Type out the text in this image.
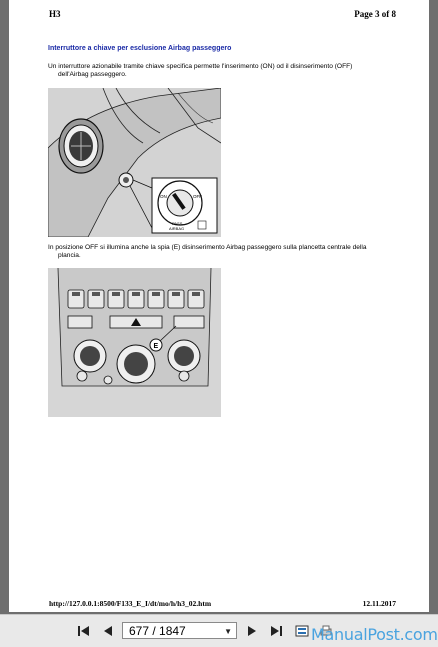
H3	Page 3 of 8
Interruttore a chiave per esclusione Airbag passeggero
Un interruttore azionabile tramite chiave specifica permette l'inserimento (ON) od il disinserimento (OFF)
dell'Airbag passeggero.
ON	OFF
PASS
AIRBAG
In posizione OFF si illumina anche la spia (E) disinserimento Airbag passeggero sulla plancetta centrale della
plancia.
E
http://127.0.0.1:8500/F133_E_I/dt/mo/h/h3_02.htm	12.11.2017
677 / 1847	▼	ManualPost.com
